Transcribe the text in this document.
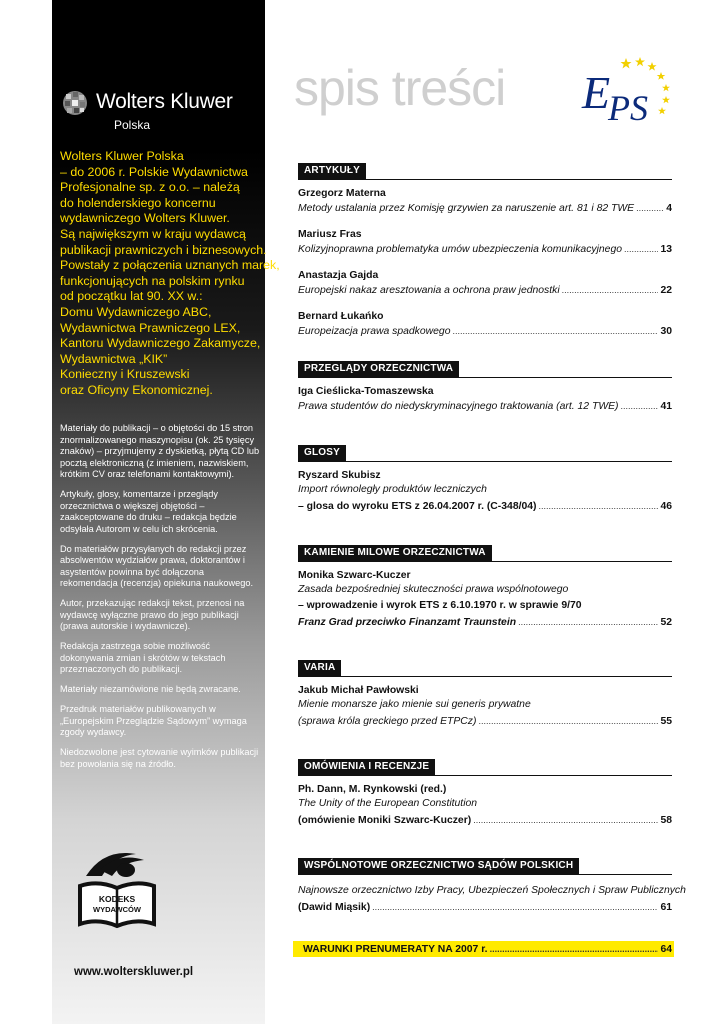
Wolters Kluwer
Polska
Wolters Kluwer Polska
– do 2006 r. Polskie Wydawnictwa
Profesjonalne sp. z o.o. – należą
do holenderskiego koncernu
wydawniczego Wolters Kluwer.
Są największym w kraju wydawcą
publikacji prawniczych i biznesowych.
Powstały z połączenia uznanych marek,
funkcjonujących na polskim rynku
od początku lat 90. XX w.:
Domu Wydawniczego ABC,
Wydawnictwa Prawniczego LEX,
Kantoru Wydawniczego Zakamycze,
Wydawnictwa „KIK”
Konieczny i Kruszewski
oraz Oficyny Ekonomicznej.

Materiały do publikacji – o objętości do 15 stron znormalizowanego maszynopisu (ok. 25 tysięcy znaków) – przyjmujemy z dyskietką, płytą CD lub pocztą elektroniczną (z imieniem, nazwiskiem, krótkim CV oraz telefonami kontaktowymi).

Artykuły, glosy, komentarze i przeglądy orzecznictwa o większej objętości – zaakceptowane do druku – redakcja będzie odsyłała Autorom w celu ich skrócenia.

Do materiałów przysyłanych do redakcji przez absolwentów wydziałów prawa, doktorantów i asystentów powinna być dołączona rekomendacja (recenzja) opiekuna naukowego.

Autor, przekazując redakcji tekst, przenosi na wydawcę wyłączne prawo do jego publikacji (prawa autorskie i wydawnicze).

Redakcja zastrzega sobie możliwość dokonywania zmian i skrótów w tekstach przeznaczonych do publikacji.

Materiały niezamówione nie będą zwracane.

Przedruk materiałów publikowanych w „Europejskim Przeglądzie Sądowym” wymaga zgody wydawcy.

Niedozwolone jest cytowanie wyimków publikacji bez powołania się na źródło.

KODEKS
WYDAWCÓW
www.wolterskluwer.pl
spis treści E
PS
ARTYKUŁY
Grzegorz Materna
Metody ustalania przez Komisję grzywien za naruszenie art. 81 i 82 TWE .....	4
Mariusz Fras
Kolizyjnoprawna problematyka umów ubezpieczenia komunikacyjnego .....	13
Anastazja Gajda
Europejski nakaz aresztowania a ochrona praw jednostki .....	22
Bernard Łukańko
Europeizacja prawa spadkowego .....	30
PRZEGLĄDY ORZECZNICTWA
Iga Cieślicka-Tomaszewska
Prawa studentów do niedyskryminacyjnego traktowania (art. 12 TWE) .....	41
GLOSY
Ryszard Skubisz
Import równoległy produktów leczniczych
– glosa do wyroku ETS z 26.04.2007 r. (C-348/04) .....	46
KAMIENIE MILOWE ORZECZNICTWA
Monika Szwarc-Kuczer
Zasada bezpośredniej skuteczności prawa wspólnotowego
– wprowadzenie i wyrok ETS z 6.10.1970 r. w sprawie 9/70
Franz Grad przeciwko Finanzamt Traunstein .....	52
VARIA
Jakub Michał Pawłowski
Mienie monarsze jako mienie sui generis prywatne
(sprawa króla greckiego przed ETPCz) .....	55
OMÓWIENIA I RECENZJE
Ph. Dann, M. Rynkowski (red.)
The Unity of the European Constitution
(omówienie Moniki Szwarc-Kuczer) .....	58
WSPÓLNOTOWE ORZECZNICTWO SĄDÓW POLSKICH
Najnowsze orzecznictwo Izby Pracy, Ubezpieczeń Społecznych i Spraw Publicznych
(Dawid Miąsik) .....	61
WARUNKI PRENUMERATY NA 2007 r. .....	64
